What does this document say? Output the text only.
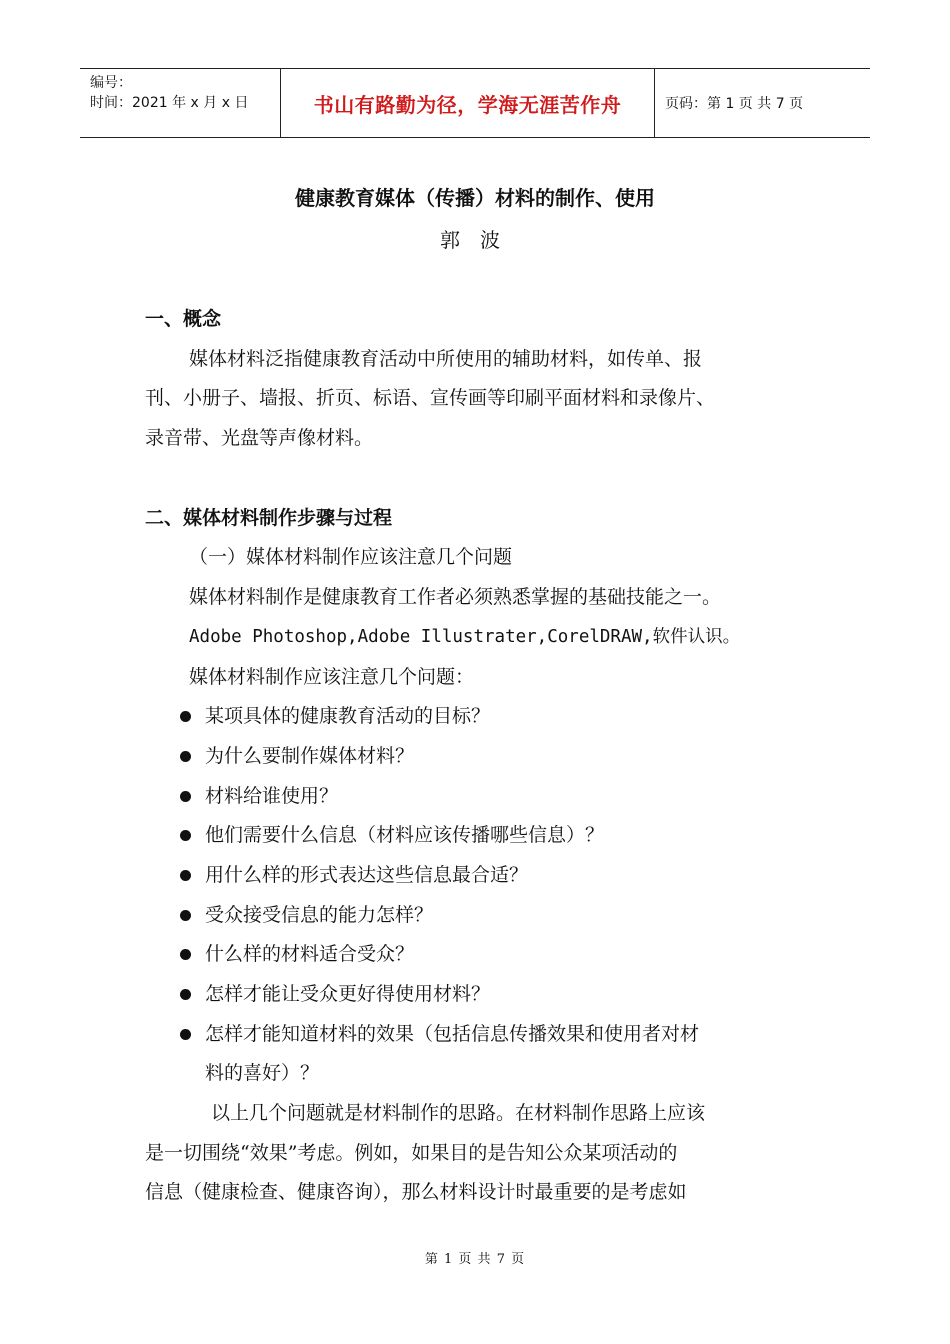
编号：
时间：2021 年 x 月 x 日	书山有路勤为径，学海无涯苦作舟	页码：第 1 页 共 7 页
健康教育媒体（传播）材料的制作、使用
郭波
一、概念
媒体材料泛指健康教育活动中所使用的辅助材料，如传单、报
刊、小册子、墙报、折页、标语、宣传画等印刷平面材料和录像片、
录音带、光盘等声像材料。
二、媒体材料制作步骤与过程
（一）媒体材料制作应该注意几个问题
媒体材料制作是健康教育工作者必须熟悉掌握的基础技能之一。
Adobe Photoshop,Adobe Illustrater,CorelDRAW,软件认识。
媒体材料制作应该注意几个问题：
某项具体的健康教育活动的目标？
为什么要制作媒体材料？
材料给谁使用？
他们需要什么信息（材料应该传播哪些信息）？
用什么样的形式表达这些信息最合适？
受众接受信息的能力怎样？
什么样的材料适合受众？
怎样才能让受众更好得使用材料？
怎样才能知道材料的效果（包括信息传播效果和使用者对材
料的喜好）？
以上几个问题就是材料制作的思路。在材料制作思路上应该
是一切围绕“效果”考虑。例如，如果目的是告知公众某项活动的
信息（健康检查、健康咨询），那么材料设计时最重要的是考虑如
第 1 页 共 7 页
